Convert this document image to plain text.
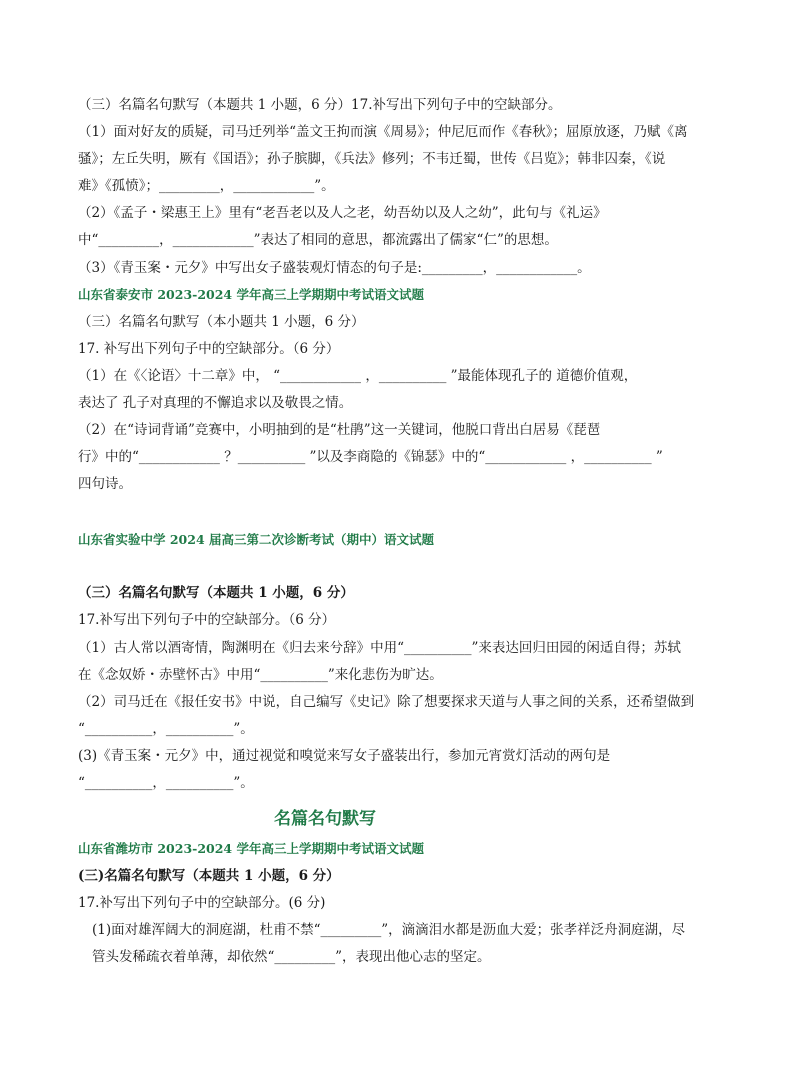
（三）名篇名句默写（本题共 1 小题，6 分）17.补写出下列句子中的空缺部分。
（1）面对好友的质疑，司马迁列举“盖文王拘而演《周易》；仲尼厄而作《春秋》；屈原放逐，乃赋《离
骚》；左丘失明，厥有《国语》；孙子膑脚，《兵法》修列；不韦迁蜀，世传《吕览》；韩非囚秦，《说
难》《孤愤》；_________，____________”。
（2）《孟子・梁惠王上》里有“老吾老以及人之老，幼吾幼以及人之幼”，此句与《礼运》
中“_________，____________”表达了相同的意思，都流露出了儒家“仁”的思想。
（3）《青玉案・元夕》中写出女子盛装观灯情态的句子是:_________，____________。
山东省泰安市 2023-2024 学年高三上学期期中考试语文试题
（三）名篇名句默写（本小题共 1 小题，6 分）
17. 补写出下列句子中的空缺部分。（6 分）
（1）在《〈论语〉十二章》中， “____________ ，__________ ”最能体现孔子的 道德价值观，
表达了 孔子对真理的不懈追求以及敬畏之情。
（2）在“诗词背诵”竞赛中，小明抽到的是“杜鹃”这一关键词，他脱口背出白居易《琵琶
行》中的“____________ ？__________ ”以及李商隐的《锦瑟》中的“____________ ，__________ ”
四句诗。
山东省实验中学 2024 届高三第二次诊断考试（期中）语文试题
（三）名篇名句默写（本题共 1 小题，6 分）
17.补写出下列句子中的空缺部分。（6 分）
（1）古人常以酒寄情，陶渊明在《归去来兮辞》中用“__________”来表达回归田园的闲适自得；苏轼
在《念奴娇・赤壁怀古》中用“__________”来化悲伤为旷达。
（2）司马迁在《报任安书》中说，自己编写《史记》除了想要探求天道与人事之间的关系，还希望做到
“__________，__________”。
(3)《青玉案・元夕》中，通过视觉和嗅觉来写女子盛装出行，参加元宵赏灯活动的两句是
“__________，__________”。
名篇名句默写
山东省潍坊市 2023-2024 学年高三上学期期中考试语文试题
(三)名篇名句默写（本题共 1 小题，6 分）
17.补写出下列句子中的空缺部分。(6 分)
(1)面对雄浑阔大的洞庭湖，杜甫不禁“_________”，滴滴泪水都是沥血大爱；张孝祥泛舟洞庭湖，尽
管头发稀疏衣着单薄，却依然“_________”，表现出他心志的坚定。
